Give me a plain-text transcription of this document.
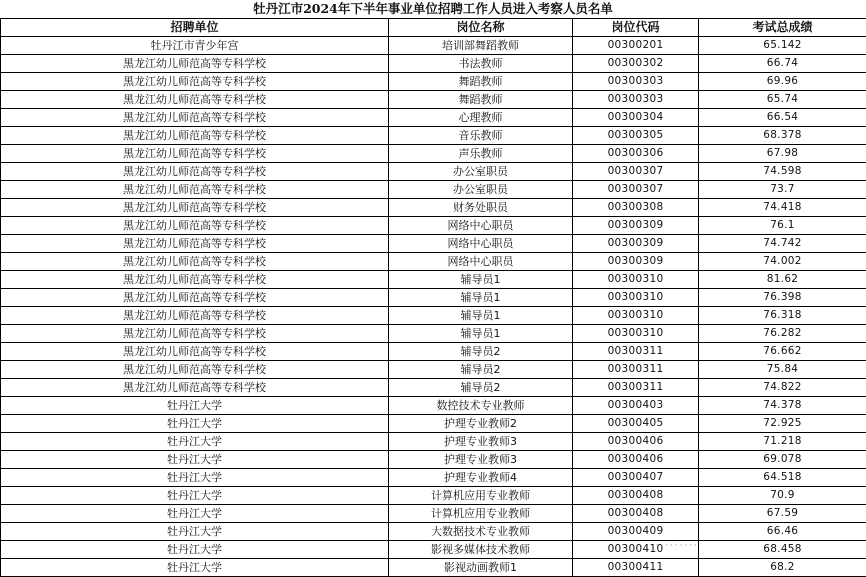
牡丹江市2024年下半年事业单位招聘工作人员进入考察人员名单
招聘单位	岗位名称	岗位代码	考试总成绩
牡丹江市青少年宫	培训部舞蹈教师	00300201	65.142
黑龙江幼儿师范高等专科学校	书法教师	00300302	66.74
黑龙江幼儿师范高等专科学校	舞蹈教师	00300303	69.96
黑龙江幼儿师范高等专科学校	舞蹈教师	00300303	65.74
黑龙江幼儿师范高等专科学校	心理教师	00300304	66.54
黑龙江幼儿师范高等专科学校	音乐教师	00300305	68.378
黑龙江幼儿师范高等专科学校	声乐教师	00300306	67.98
黑龙江幼儿师范高等专科学校	办公室职员	00300307	74.598
黑龙江幼儿师范高等专科学校	办公室职员	00300307	73.7
黑龙江幼儿师范高等专科学校	财务处职员	00300308	74.418
黑龙江幼儿师范高等专科学校	网络中心职员	00300309	76.1
黑龙江幼儿师范高等专科学校	网络中心职员	00300309	74.742
黑龙江幼儿师范高等专科学校	网络中心职员	00300309	74.002
黑龙江幼儿师范高等专科学校	辅导员1	00300310	81.62
黑龙江幼儿师范高等专科学校	辅导员1	00300310	76.398
黑龙江幼儿师范高等专科学校	辅导员1	00300310	76.318
黑龙江幼儿师范高等专科学校	辅导员1	00300310	76.282
黑龙江幼儿师范高等专科学校	辅导员2	00300311	76.662
黑龙江幼儿师范高等专科学校	辅导员2	00300311	75.84
黑龙江幼儿师范高等专科学校	辅导员2	00300311	74.822
牡丹江大学	数控技术专业教师	00300403	74.378
牡丹江大学	护理专业教师2	00300405	72.925
牡丹江大学	护理专业教师3	00300406	71.218
牡丹江大学	护理专业教师3	00300406	69.078
牡丹江大学	护理专业教师4	00300407	64.518
牡丹江大学	计算机应用专业教师	00300408	70.9
牡丹江大学	计算机应用专业教师	00300408	67.59
牡丹江大学	大数据技术专业教师	00300409	66.46
牡丹江大学	影视多媒体技术教师	00300410	68.458
牡丹江大学	影视动画教师1	00300411	68.2
·········
